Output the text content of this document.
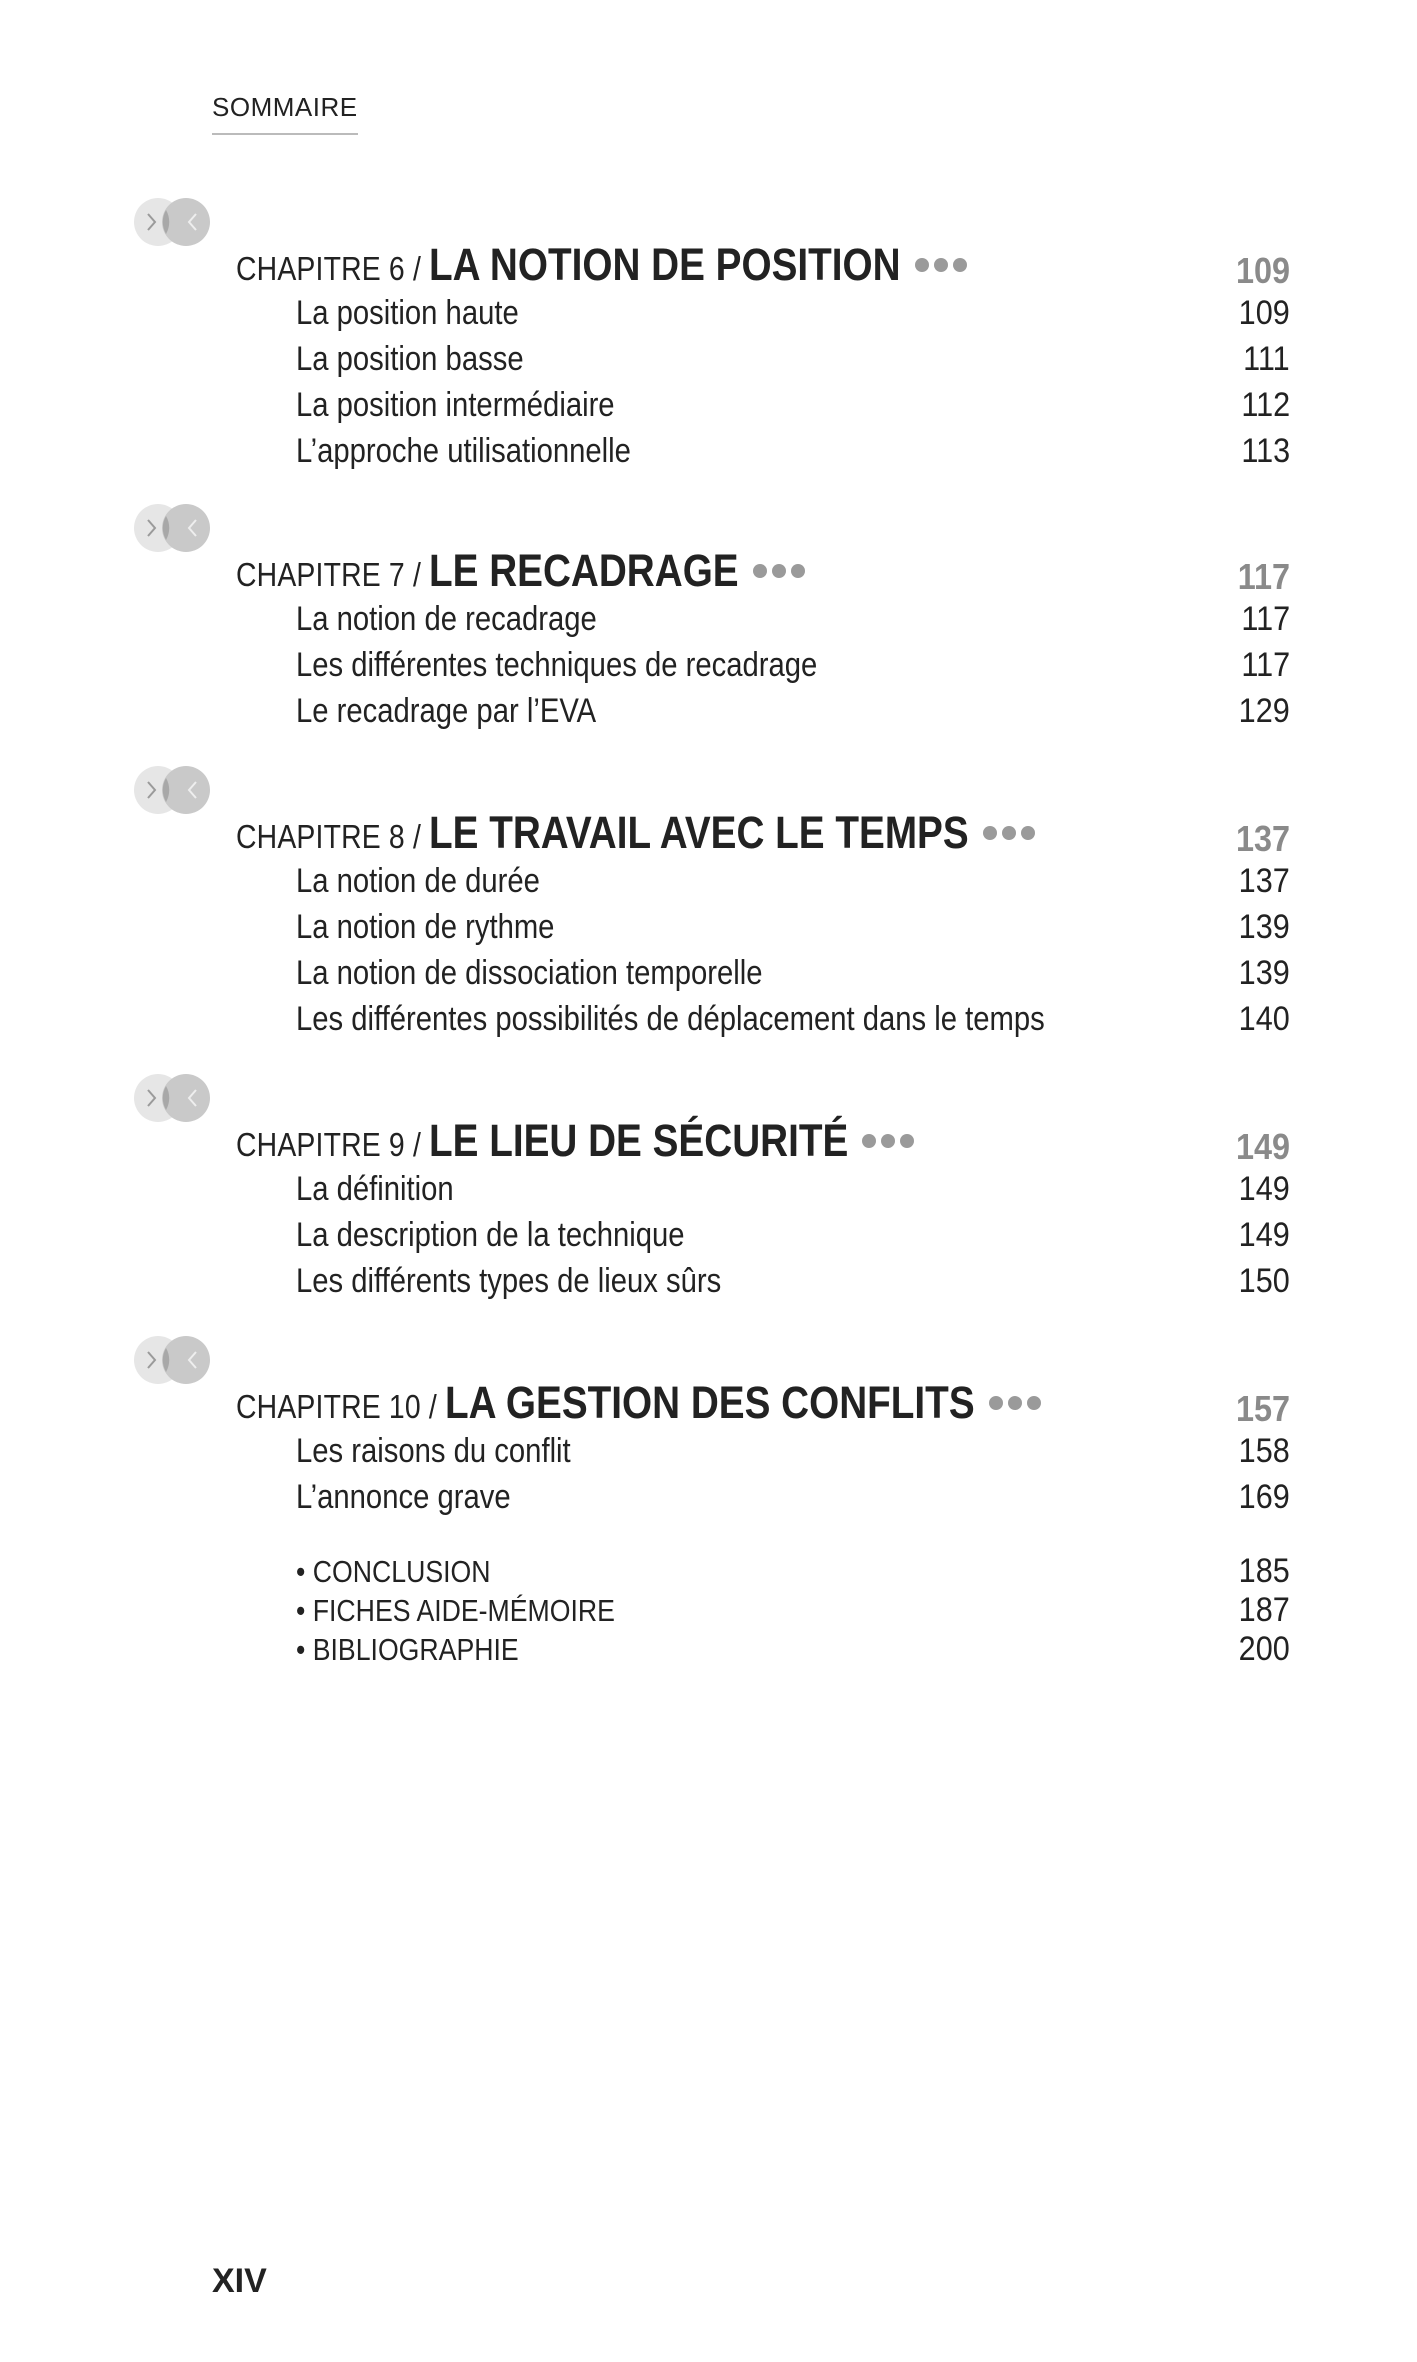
SOMMAIRE
CHAPITRE 6 / LA NOTION DE POSITION	109
La position haute	109
La position basse	111
La position intermédiaire	112
L’approche utilisationnelle	113
CHAPITRE 7 / LE RECADRAGE	117
La notion de recadrage	117
Les différentes techniques de recadrage	117
Le recadrage par l’EVA	129
CHAPITRE 8 / LE TRAVAIL AVEC LE TEMPS	137
La notion de durée	137
La notion de rythme	139
La notion de dissociation temporelle	139
Les différentes possibilités de déplacement dans le temps	140
CHAPITRE 9 / LE LIEU DE SÉCURITÉ	149
La définition	149
La description de la technique	149
Les différents types de lieux sûrs	150
CHAPITRE 10 / LA GESTION DES CONFLITS	157
Les raisons du conflit	158
L’annonce grave	169
• CONCLUSION	185
• FICHES AIDE-MÉMOIRE	187
• BIBLIOGRAPHIE	200
XIV
